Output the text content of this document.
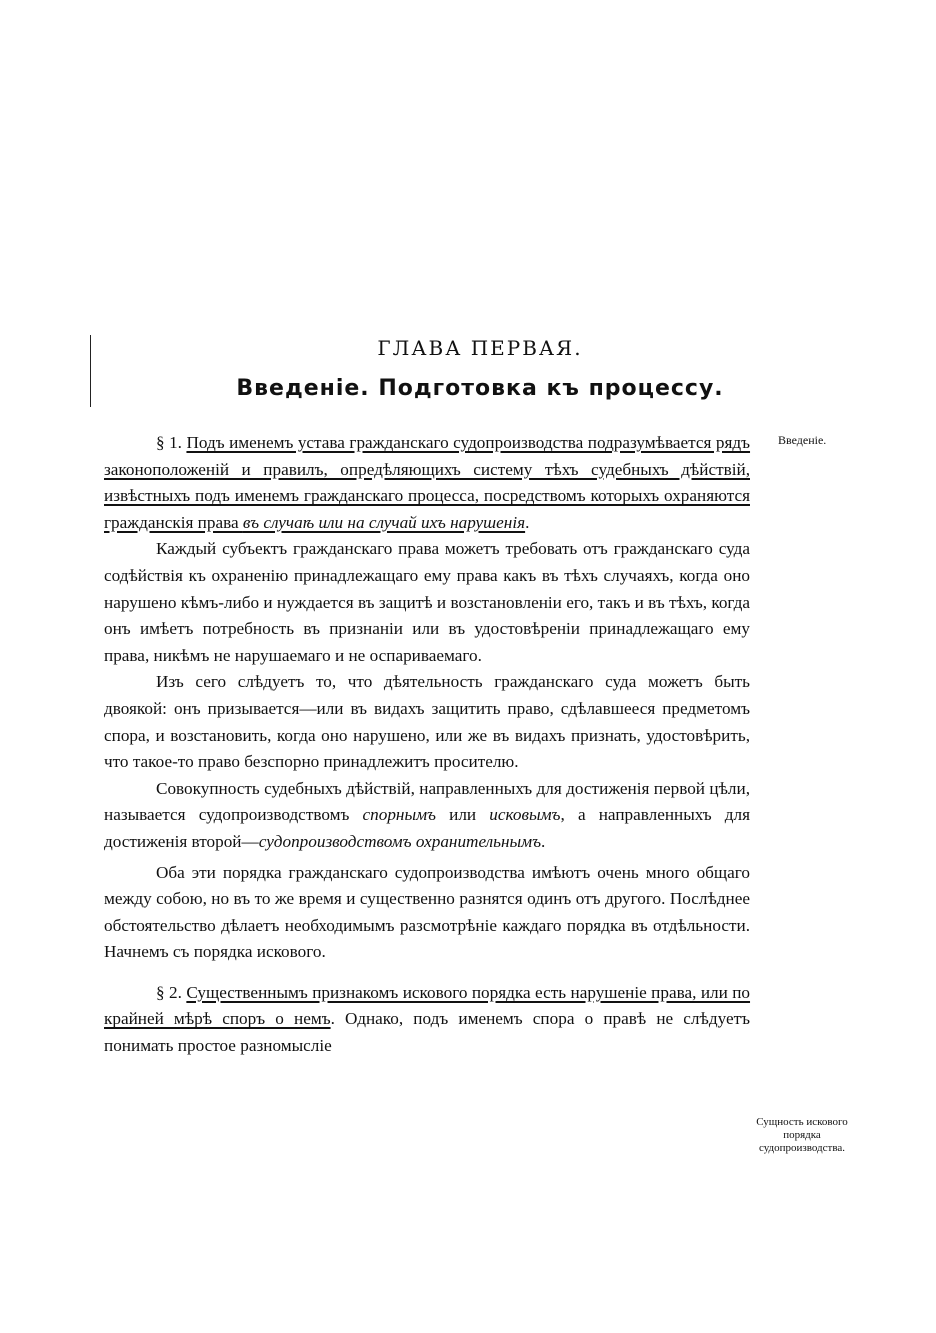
ГЛАВА ПЕРВАЯ.
Введеніе. Подготовка къ процессу.
Введеніе.
Сущность искового порядка судопроизводства.

§ 1. Подъ именемъ устава гражданскаго судопроизводства подразумѣвается рядъ законоположеній и правилъ, опредѣляющихъ систему тѣхъ судебныхъ дѣйствій, извѣстныхъ подъ именемъ гражданскаго процесса, посредствомъ которыхъ охраняются гражданскія права въ случаѣ или на случай ихъ нарушенія.

Каждый субъектъ гражданскаго права можетъ требовать отъ гражданскаго суда содѣйствія къ охраненію принадлежащаго ему права какъ въ тѣхъ случаяхъ, когда оно нарушено кѣмъ-либо и нуждается въ защитѣ и возстановленіи его, такъ и въ тѣхъ, когда онъ имѣетъ потребность въ признаніи или въ удостовѣреніи принадлежащаго ему права, никѣмъ не нарушаемаго и не оспариваемаго.

Изъ сего слѣдуетъ то, что дѣятельность гражданскаго суда можетъ быть двоякой: онъ призывается—или въ видахъ защитить право, сдѣлавшееся предметомъ спора, и возстановить, когда оно нарушено, или же въ видахъ признать, удостовѣрить, что такое-то право безспорно принадлежитъ просителю.

Совокупность судебныхъ дѣйствій, направленныхъ для достиженія первой цѣли, называется судопроизводствомъ спорнымъ или исковымъ, а направленныхъ для достиженія второй—судопроизводствомъ охранительнымъ.

Оба эти порядка гражданскаго судопроизводства имѣютъ очень много общаго между собою, но въ то же время и существенно разнятся одинъ отъ другого. Послѣднее обстоятельство дѣлаетъ необходимымъ разсмотрѣніе каждаго порядка въ отдѣльности. Начнемъ съ порядка искового.

§ 2. Существеннымъ признакомъ искового порядка есть нарушеніе права, или по крайней мѣрѣ споръ о немъ. Однако, подъ именемъ спора о правѣ не слѣдуетъ понимать простое разномысліе
